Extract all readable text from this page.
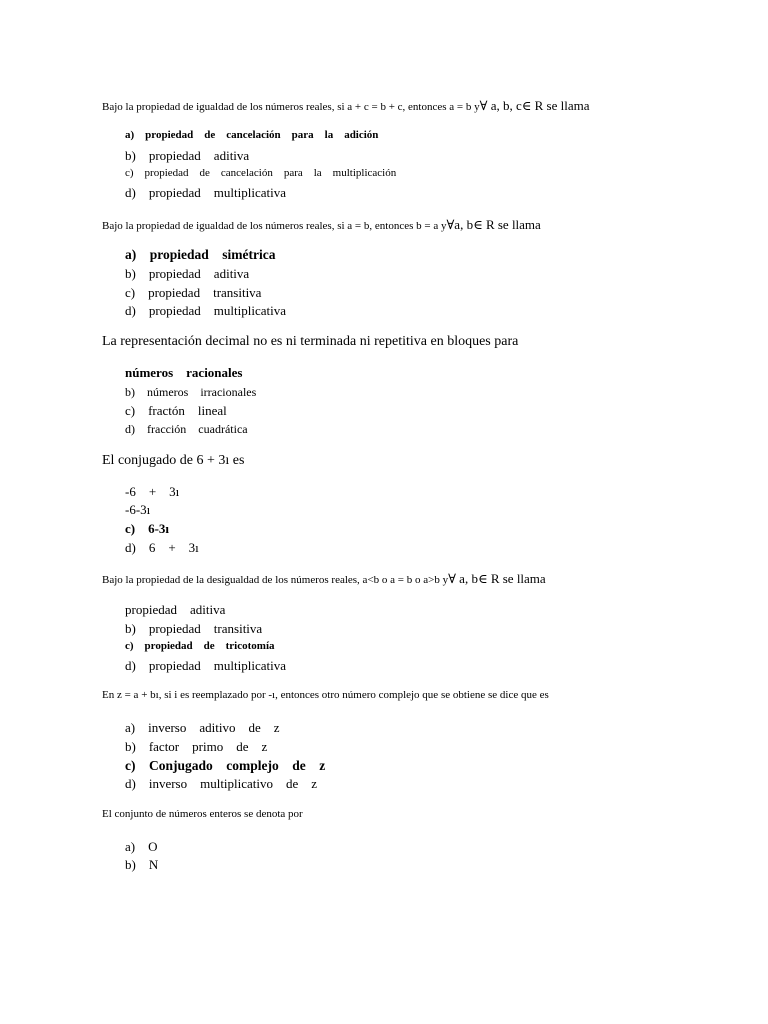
Bajo la propiedad de igualdad de los números reales, si a + c = b + c, entonces a = b y∀ a, b, c∈ R se llama
a)    propiedad    de    cancelación    para    la    adición
b)    propiedad    aditiva
c)    propiedad    de    cancelación    para    la    multiplicación
d)    propiedad    multiplicativa
Bajo la propiedad de igualdad de los números reales, si a = b, entonces b = a y∀a, b∈ R se llama
a)    propiedad    simétrica
b)    propiedad    aditiva
c)    propiedad    transitiva
d)    propiedad    multiplicativa
La representación decimal no es ni terminada ni repetitiva en bloques para
números    racionales
b)    números    irracionales
c)    fractón    lineal
d)    fracción    cuadrática
El conjugado de 6 + 3ı es
-6    +    3ı
-6-3ı
c)    6-3ı
d)    6    +    3ı
Bajo la propiedad de la desigualdad de los números reales, a<b o a = b o a>b y∀ a, b∈ R se llama
propiedad    aditiva
b)    propiedad    transitiva
c)    propiedad    de    tricotomía
d)    propiedad    multiplicativa
En z = a + bı, si i es reemplazado por -ı, entonces otro número complejo que se obtiene se dice que es
a)    inverso    aditivo    de    z
b)    factor    primo    de    z
c)    Conjugado    complejo    de    z
d)    inverso    multiplicativo    de    z
El conjunto de números enteros se denota por
a)    O
b)    N
